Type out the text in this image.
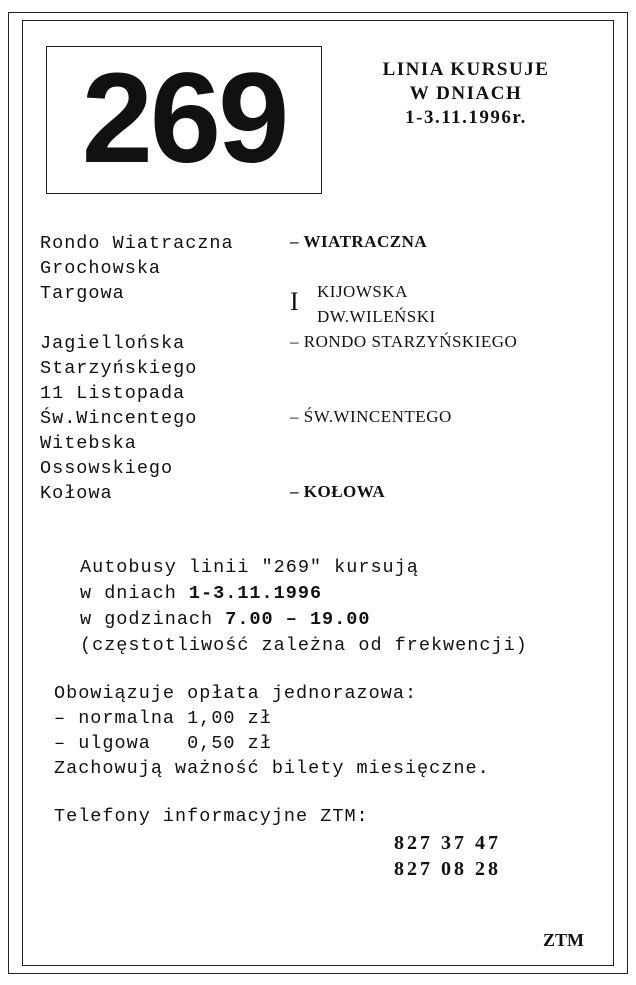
269	LINIA KURSUJE
W DNIACH
1-3.11.1996r.
Rondo Wiatraczna
Grochowska
Targowa
Jagiellońska
Starzyńskiego
11 Listopada
Św.Wincentego
Witebska
Ossowskiego
Kołowa
– WIATRACZNA
I KIJOWSKA
DW.WILEŃSKI
– RONDO STARZYŃSKIEGO
– ŚW.WINCENTEGO
– KOŁOWA
Autobusy linii "269" kursują
w dniach 1-3.11.1996
w godzinach 7.00 – 19.00
(częstotliwość zależna od frekwencji)
Obowiązuje opłata jednorazowa:
– normalna 1,00 zł
– ulgowa   0,50 zł
Zachowują ważność bilety miesięczne.
Telefony informacyjne ZTM:
827 37 47
827 08 28
ZTM
